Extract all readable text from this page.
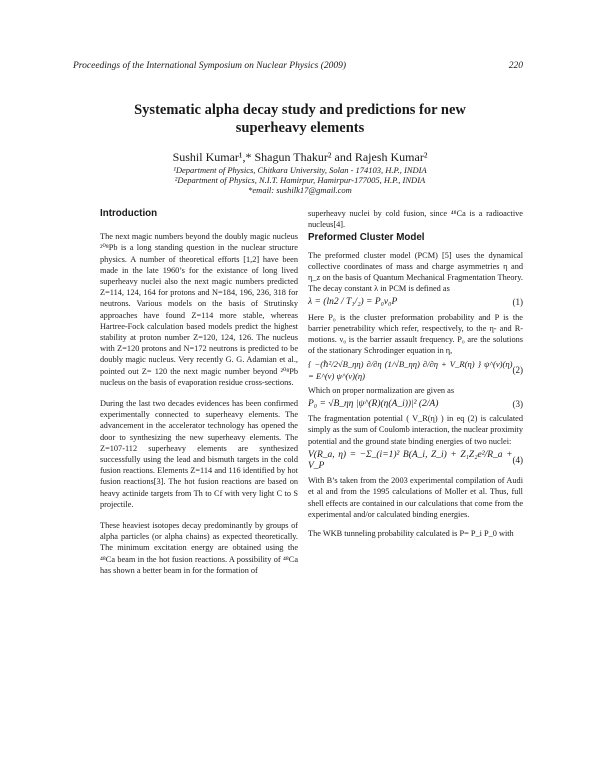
Proceedings of the International Symposium on Nuclear Physics (2009)	220
Systematic alpha decay study and predictions for new
superheavy elements
Sushil Kumar¹,* Shagun Thakur² and Rajesh Kumar²
¹Department of Physics, Chitkara University, Solan - 174103, H.P., INDIA
²Department of Physics, N.I.T. Hamirpur, Hamirpur-177005, H.P., INDIA
*email: sushilk17@gmail.com
Introduction

The next magic numbers beyond the doubly magic nucleus ²⁰⁸Pb is a long standing question in the nuclear structure physics. A number of theoretical efforts [1,2] have been made in the late 1960’s for the existance of long lived superheavy nuclei also the next magic numbers predicted Z=114, 124, 164 for protons and N=184, 196, 236, 318 for neutrons. Various models on the basis of Strutinsky approaches have found Z=114 more stable, whereas Hartree-Fock calculation based models predict the highest stability at proton number Z=120, 124, 126. The nucleus with Z=120 protons and N=172 neutrons is predicted to be doubly magic nucleus. Very recently G. G. Adamian et al., pointed out Z= 120 the next magic number beyond ²⁰⁸Pb nucleus on the basis of evaporation residue cross-sections.

During the last two decades evidences has been confirmed experimentally connected to superheavy elements. The advancement in the accelerator technology has opened the door to synthesizing the new superheavy elements. The Z=107-112 superheavy elements are synthesized successfully using the lead and bismuth targets in the cold fusion reactions. Elements Z=114 and 116 identified by hot fusion reactions[3]. The hot fusion reactions are based on heavy actinide targets from Th to Cf with very light C to S projectile.

These heaviest isotopes decay predominantly by groups of alpha particles (or alpha chains) as expected theoretically. The minimum excitation energy are obtained using the ⁴⁸Ca beam in the hot fusion reactions. A possibility of ⁴⁸Ca has shown a better beam in for the formation of

superheavy nuclei by cold fusion, since ⁴⁸Ca is a radioactive nucleus[4].

Preformed Cluster Model

The preformed cluster model (PCM) [5] uses the dynamical collective coordinates of mass and charge asymmetries η and η_z on the basis of Quantum Mechanical Fragmentation Theory. The decay constant λ in PCM is defined as

λ = (ln2 / T₁/₂) = P₀ν₀P	(1)

Here P₀ is the cluster preformation probability and P is the barrier penetrability which refer, respectively, to the η- and R- motions. ν₀ is the barrier assault frequency. P₀ are the solutions of the stationary Schrodinger equation in η,

{ −(ℏ²/2√B_ηη) ∂/∂η (1/√B_ηη) ∂/∂η + V_R(η) } ψ^(ν)(η) = E^(ν) ψ^(ν)(η)
(2)

Which on proper normalization are given as

P₀ = √B_ηη |ψ^(R)(η(A_i))|² (2/A)	(3)

The fragmentation potential ( V_R(η) ) in eq (2) is calculated simply as the sum of Coulomb interaction, the nuclear proximity potential and the ground state binding energies of two nuclei:

V(R_a, η) = −Σ_(i=1)² B(A_i, Z_i) + Z₁Z₂e²/R_a + V_P
(4)

With B’s taken from the 2003 experimental compilation of Audi et al and from the 1995 calculations of Moller et al. Thus, full shell effects are contained in our calculations that come from the experimental and/or calculated binding energies.

The WKB tunneling probability calculated is P= P_i P_0 with
